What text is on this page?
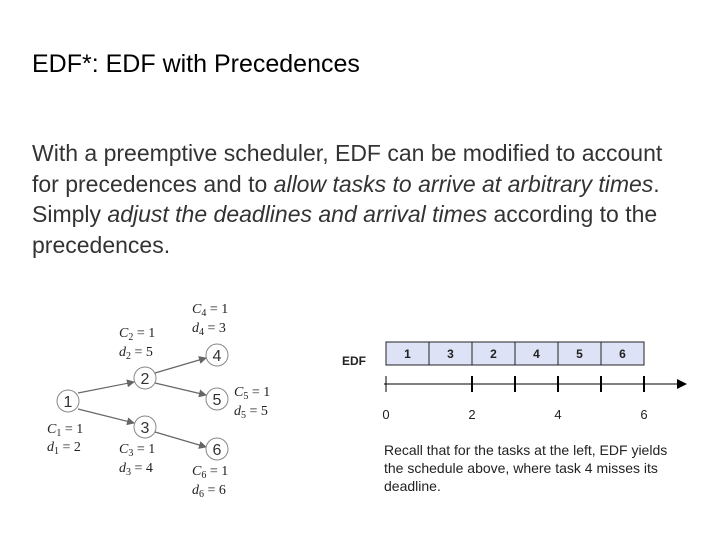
EDF*: EDF with Precedences
With a preemptive scheduler, EDF can be modified to account for precedences and to allow tasks to arrive at arbitrary times. Simply adjust the deadlines and arrival times according to the precedences.
1
2
3
4
5
6
$C_1 = 1$
$d_1 = 2$
$C_2 = 1$
$d_2 = 5$
$C_3 = 1$
$d_3 = 4$
$C_4 = 1$
$d_4 = 3$
$C_5 = 1$
$d_5 = 5$
$C_6 = 1$
$d_6 = 6$
EDF	1	3	2	4	5	6
0	2	4	6
Recall that for the tasks at the left, EDF yields the schedule above, where task 4 misses its deadline.
